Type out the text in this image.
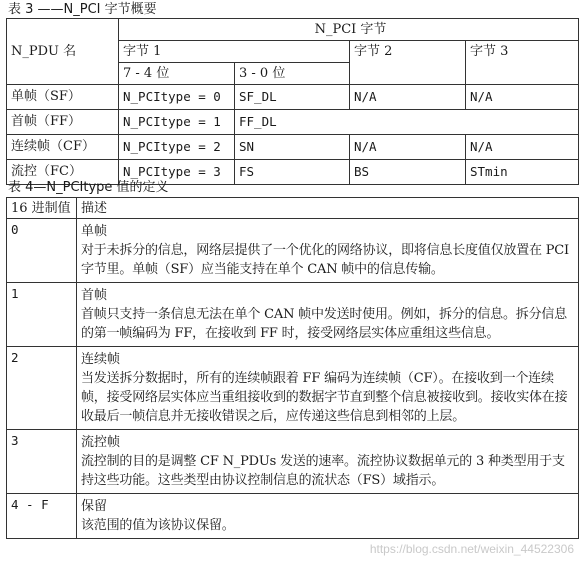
表 3 ——N_PCI 字节概要
N_PDU 名	N_PCI 字节			
	字节 1		字节 2	字节 3
	7 - 4 位	3 - 0 位		
单帧（SF）	N_PCItype = 0	SF_DL	N/A	N/A
首帧（FF）	N_PCItype = 1	FF_DL		
连续帧（CF）	N_PCItype = 2	SN	N/A	N/A
流控（FC）	N_PCItype = 3	FS	BS	STmin
表 4—N_PCItype 值的定义
16 进制值	描述
0	单帧
对于未拆分的信息，网络层提供了一个优化的网络协议，即将信息长度值仅放置在 PCI 字节里。单帧（SF）应当能支持在单个 CAN 帧中的信息传输。

1	首帧
首帧只支持一条信息无法在单个 CAN 帧中发送时使用。例如，拆分的信息。拆分信息的第一帧编码为 FF，在接收到 FF 时，接受网络层实体应重组这些信息。

2	连续帧
当发送拆分数据时，所有的连续帧跟着 FF 编码为连续帧（CF）。在接收到一个连续帧，接受网络层实体应当重组接收到的数据字节直到整个信息被接收到。接收实体在接收最后一帧信息并无接收错误之后，应传递这些信息到相邻的上层。

3	流控帧
流控制的目的是调整 CF N_PDUs 发送的速率。流控协议数据单元的 3 种类型用于支持这些功能。这些类型由协议控制信息的流状态（FS）域指示。

4 - F	保留
该范围的值为该协议保留。
https://blog.csdn.net/weixin_44522306
